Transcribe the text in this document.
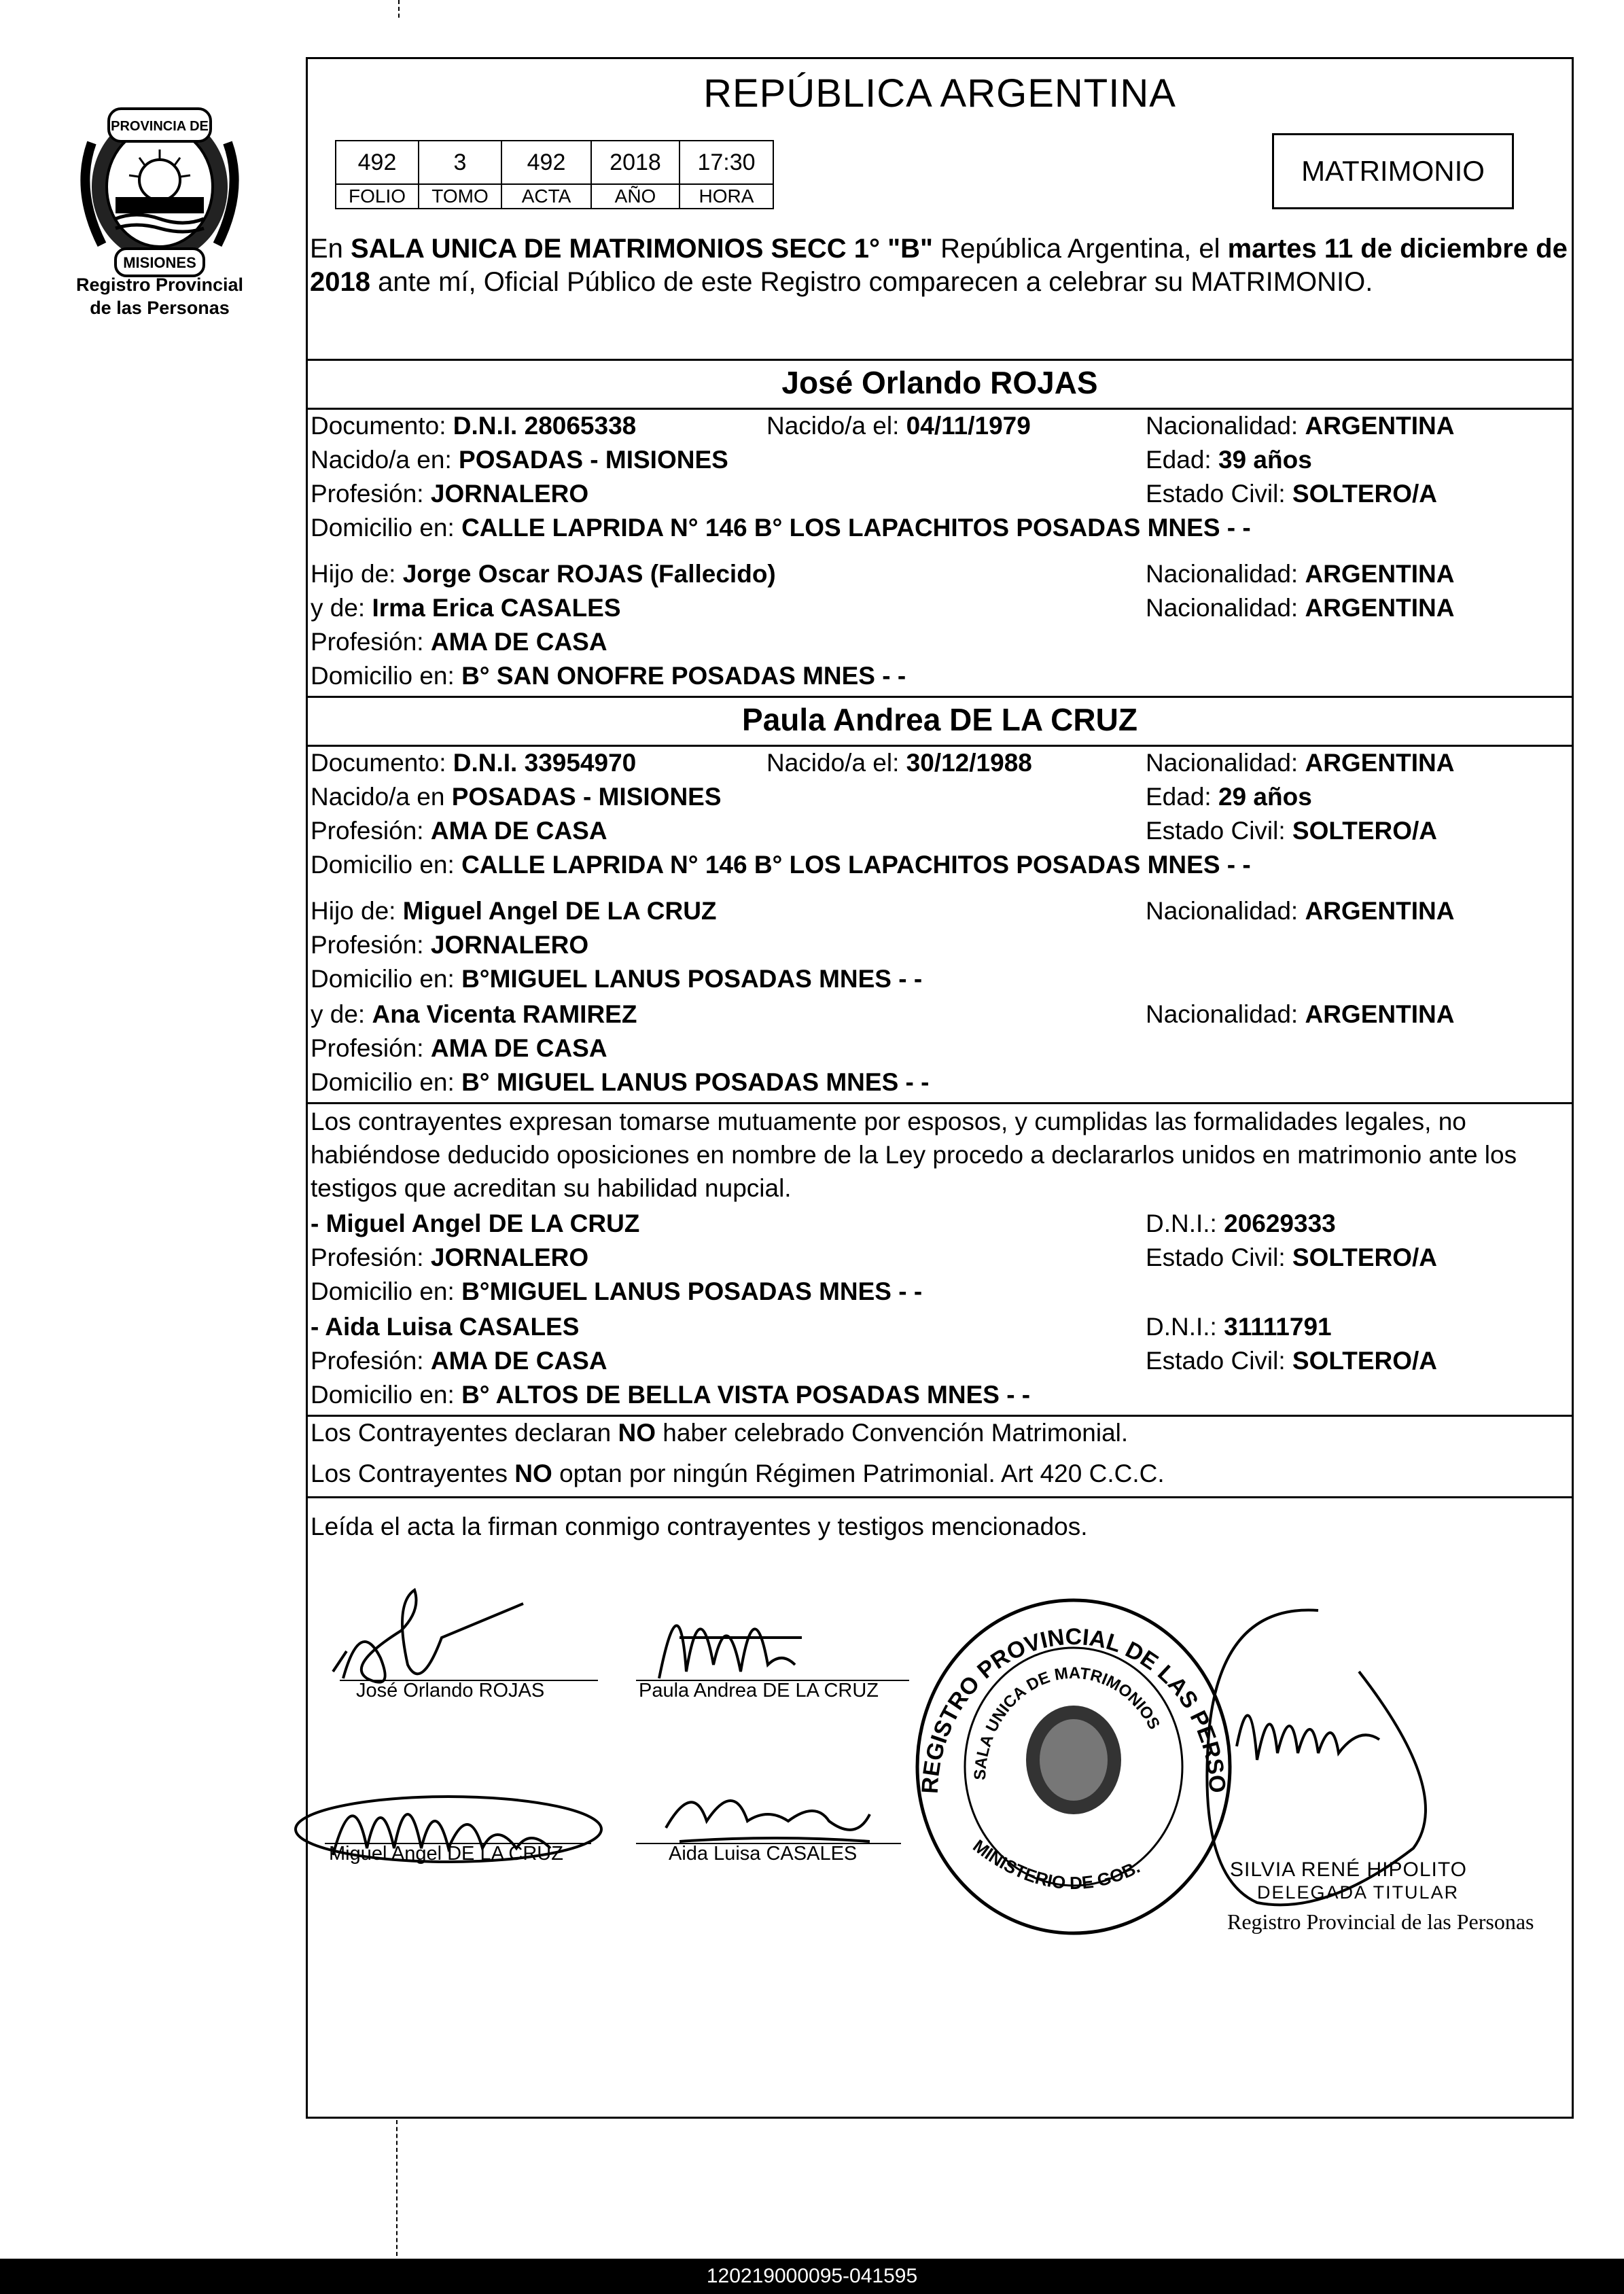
PROVINCIA DE
MISIONES
Registro Provincial
de las Personas
REPÚBLICA ARGENTINA
492	3	492	2018	17:30
FOLIO	TOMO	ACTA	AÑO	HORA
MATRIMONIO
En SALA UNICA DE MATRIMONIOS SECC 1° "B" República Argentina, el martes 11 de diciembre de 2018 ante mí, Oficial Público de este Registro comparecen a celebrar su MATRIMONIO.
José Orlando ROJAS
Documento: D.N.I. 28065338	Nacido/a el: 04/11/1979	Nacionalidad: ARGENTINA
Nacido/a en: POSADAS - MISIONES	Edad: 39 años
Profesión: JORNALERO	Estado Civil: SOLTERO/A
Domicilio en: CALLE LAPRIDA N° 146 B° LOS LAPACHITOS POSADAS MNES - -
Hijo de: Jorge Oscar ROJAS (Fallecido)	Nacionalidad: ARGENTINA
y de: Irma Erica CASALES	Nacionalidad: ARGENTINA
Profesión: AMA DE CASA
Domicilio en: B° SAN ONOFRE POSADAS MNES - -
Paula Andrea DE LA CRUZ
Documento: D.N.I. 33954970	Nacido/a el: 30/12/1988	Nacionalidad: ARGENTINA
Nacido/a en POSADAS - MISIONES	Edad: 29 años
Profesión: AMA DE CASA	Estado Civil: SOLTERO/A
Domicilio en: CALLE LAPRIDA N° 146 B° LOS LAPACHITOS POSADAS MNES - -
Hijo de: Miguel Angel DE LA CRUZ	Nacionalidad: ARGENTINA
Profesión: JORNALERO
Domicilio en: B°MIGUEL LANUS POSADAS MNES - -
y de: Ana Vicenta RAMIREZ	Nacionalidad: ARGENTINA
Profesión: AMA DE CASA
Domicilio en: B° MIGUEL LANUS POSADAS MNES - -
Los contrayentes expresan tomarse mutuamente por esposos, y cumplidas las formalidades legales, no habiéndose deducido oposiciones en nombre de la Ley procedo a declararlos unidos en matrimonio ante los testigos que acreditan su habilidad nupcial.
- Miguel Angel DE LA CRUZ	D.N.I.: 20629333
Profesión: JORNALERO	Estado Civil: SOLTERO/A
Domicilio en: B°MIGUEL LANUS POSADAS MNES - -
- Aida Luisa CASALES	D.N.I.: 31111791
Profesión: AMA DE CASA	Estado Civil: SOLTERO/A
Domicilio en: B° ALTOS DE BELLA VISTA POSADAS MNES - -
Los Contrayentes declaran NO haber celebrado Convención Matrimonial.
Los Contrayentes NO optan por ningún Régimen Patrimonial. Art 420 C.C.C.
Leída el acta la firman conmigo contrayentes y testigos mencionados.
José Orlando ROJAS	Paula Andrea DE LA CRUZ
Miguel Angel DE LA CRUZ	Aida Luisa CASALES
REGISTRO PROVINCIAL DE LAS PERSO
SALA UNICA DE MATRIMONIOS
MINISTERIO DE GOB.	SILVIA RENÉ HIPOLITO
DELEGADA TITULAR
Registro Provincial de las Personas
120219000095-041595
